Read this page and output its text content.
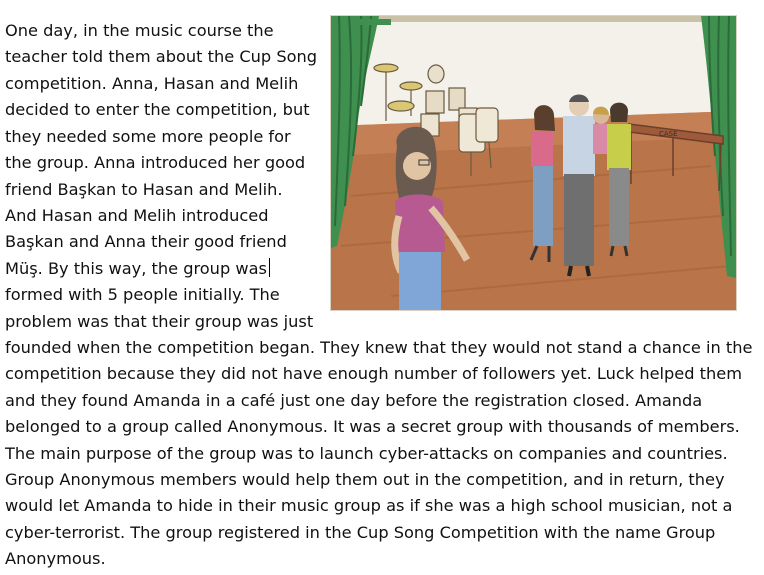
One day, in the music course the
teacher told them about the Cup Song
competition. Anna, Hasan and Melih
decided to enter the competition, but
they needed some more people for
the group. Anna introduced her good
friend Başkan to Hasan and Melih.
And Hasan and Melih introduced
Başkan and Anna their good friend
Müş. By this way, the group was
formed with 5 people initially. The
problem was that their group was just
founded when the competition began. They knew that they would not stand a chance in the
competition because they did not have enough number of followers yet. Luck helped them
and they found Amanda in a café just one day before the registration closed. Amanda
belonged to a group called Anonymous. It was a secret group with thousands of members.
The main purpose of the group was to launch cyber-attacks on companies and countries.
Group Anonymous members would help them out in the competition, and in return, they
would let Amanda to hide in their music group as if she was a high school musician, not a
cyber-terrorist. The group registered in the Cup Song Competition with the name Group
Anonymous.
CASE
